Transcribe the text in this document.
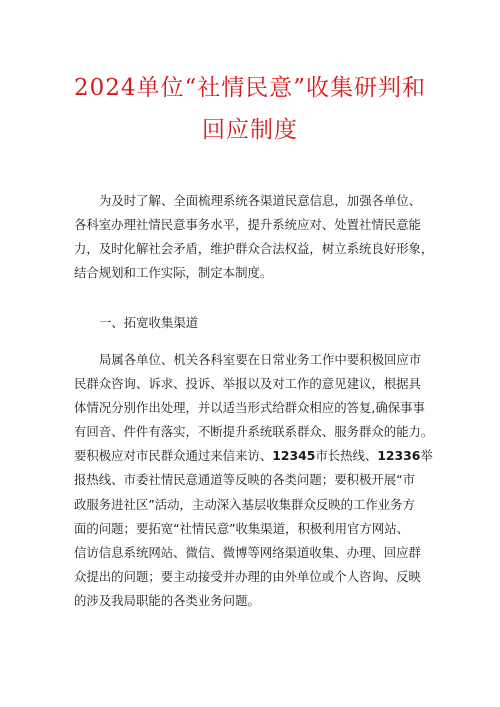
2024单位“社情民意”收集研判和
回应制度
为及时了解、全面梳理系统各渠道民意信息，加强各单位、
各科室办理社情民意事务水平，提升系统应对、处置社情民意能
力，及时化解社会矛盾，维护群众合法权益，树立系统良好形象，
结合规划和工作实际，制定本制度。
一、拓宽收集渠道
局属各单位、机关各科室要在日常业务工作中要积极回应市
民群众咨询、诉求、投诉、举报以及对工作的意见建议，根据具
体情况分别作出处理，并以适当形式给群众相应的答复,确保事事
有回音、件件有落实，不断提升系统联系群众、服务群众的能力。
要积极应对市民群众通过来信来访、12345市长热线、12336举
报热线、市委社情民意通道等反映的各类问题；要积极开展“市
政服务进社区”活动，主动深入基层收集群众反映的工作业务方
面的问题；要拓宽“社情民意”收集渠道，积极利用官方网站、
信访信息系统网站、微信、微博等网络渠道收集、办理、回应群
众提出的问题；要主动接受并办理的由外单位或个人咨询、反映
的涉及我局职能的各类业务问题。
